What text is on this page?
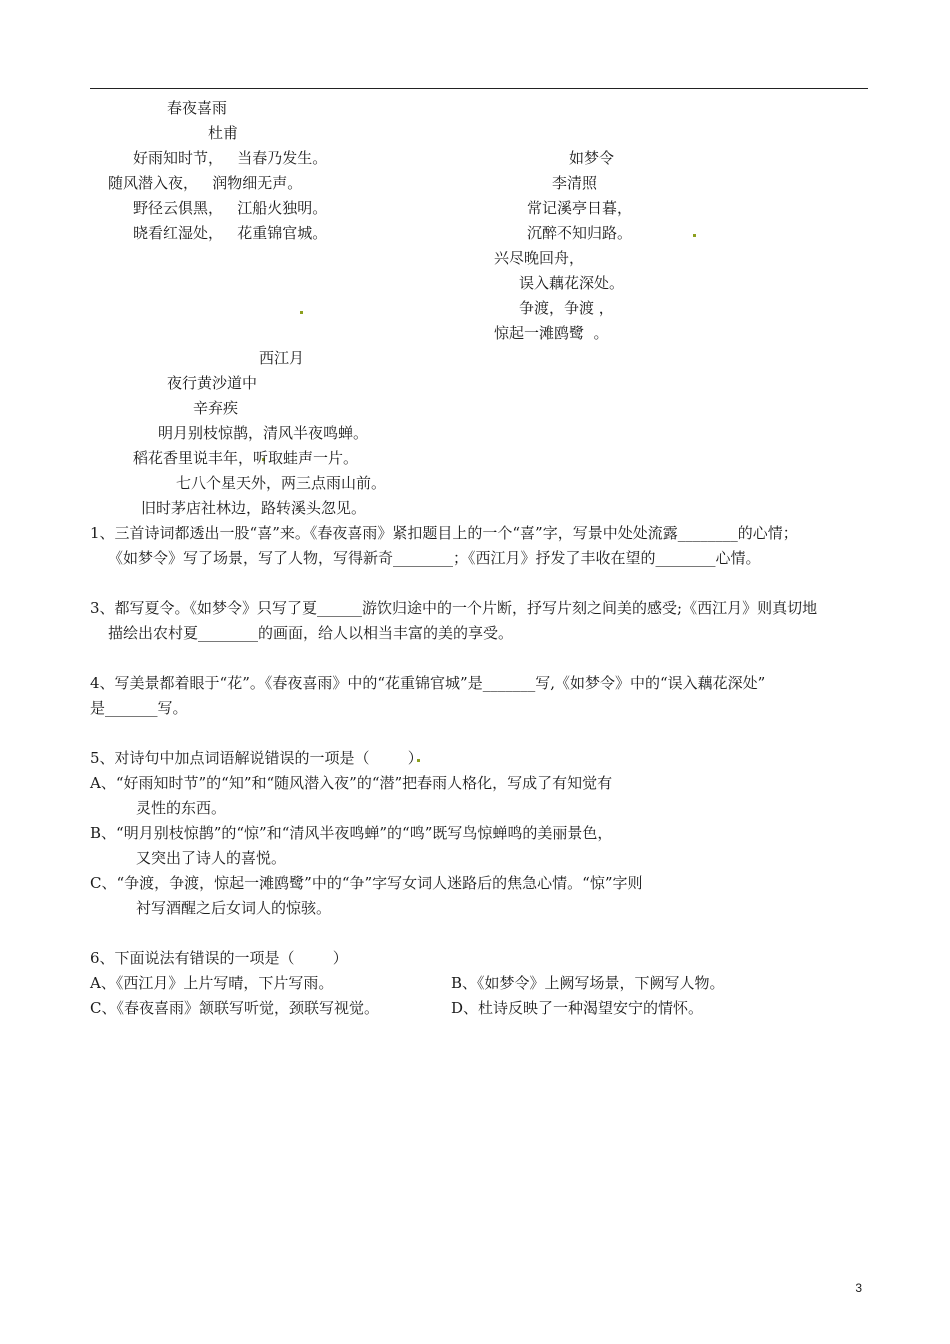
春夜喜雨
杜甫
好雨知时节，   当春乃发生。
随风潜入夜，   润物细无声。
野径云俱黑，   江船火独明。
晓看红湿处，   花重锦官城。
如梦令
李清照
常记溪亭日暮，
沉醉不知归路。
兴尽晚回舟，
误入藕花深处。
争渡，争渡 ，
惊起一滩鸥鹭  。
西江月
夜行黄沙道中
辛弃疾
明月别枝惊鹊，清风半夜鸣蝉。
稻花香里说丰年，听取蛙声一片。
七八个星天外，两三点雨山前。
旧时茅店社林边，路转溪头忽见。
1、三首诗词都透出一股“喜”来。《春夜喜雨》紧扣题目上的一个“喜”字，写景中处处流露________的心情；
《如梦令》写了场景，写了人物，写得新奇________；《西江月》抒发了丰收在望的________心情。
3、都写夏令。《如梦令》只写了夏______游饮归途中的一个片断，抒写片刻之间美的感受;《西江月》则真切地
描绘出农村夏________的画面，给人以相当丰富的美的享受。
4、写美景都着眼于“花”。《春夜喜雨》中的“花重锦官城”是_______写,《如梦令》中的“误入藕花深处”
是_______写。
5、对诗句中加点词语解说错误的一项是（        ）
A、“好雨知时节”的“知”和“随风潜入夜”的“潜”把春雨人格化，写成了有知觉有
灵性的东西。
B、“明月别枝惊鹊”的“惊”和“清风半夜鸣蝉”的“鸣”既写鸟惊蝉鸣的美丽景色，
又突出了诗人的喜悦。
C、“争渡，争渡，惊起一滩鸥鹭”中的“争”字写女词人迷路后的焦急心情。“惊”字则
衬写酒醒之后女词人的惊骇。
6、下面说法有错误的一项是（        ）
A、《西江月》上片写晴，下片写雨。	B、《如梦令》上阙写场景，下阙写人物。
C、《春夜喜雨》颔联写听觉，颈联写视觉。	D、杜诗反映了一种渴望安宁的情怀。
3
